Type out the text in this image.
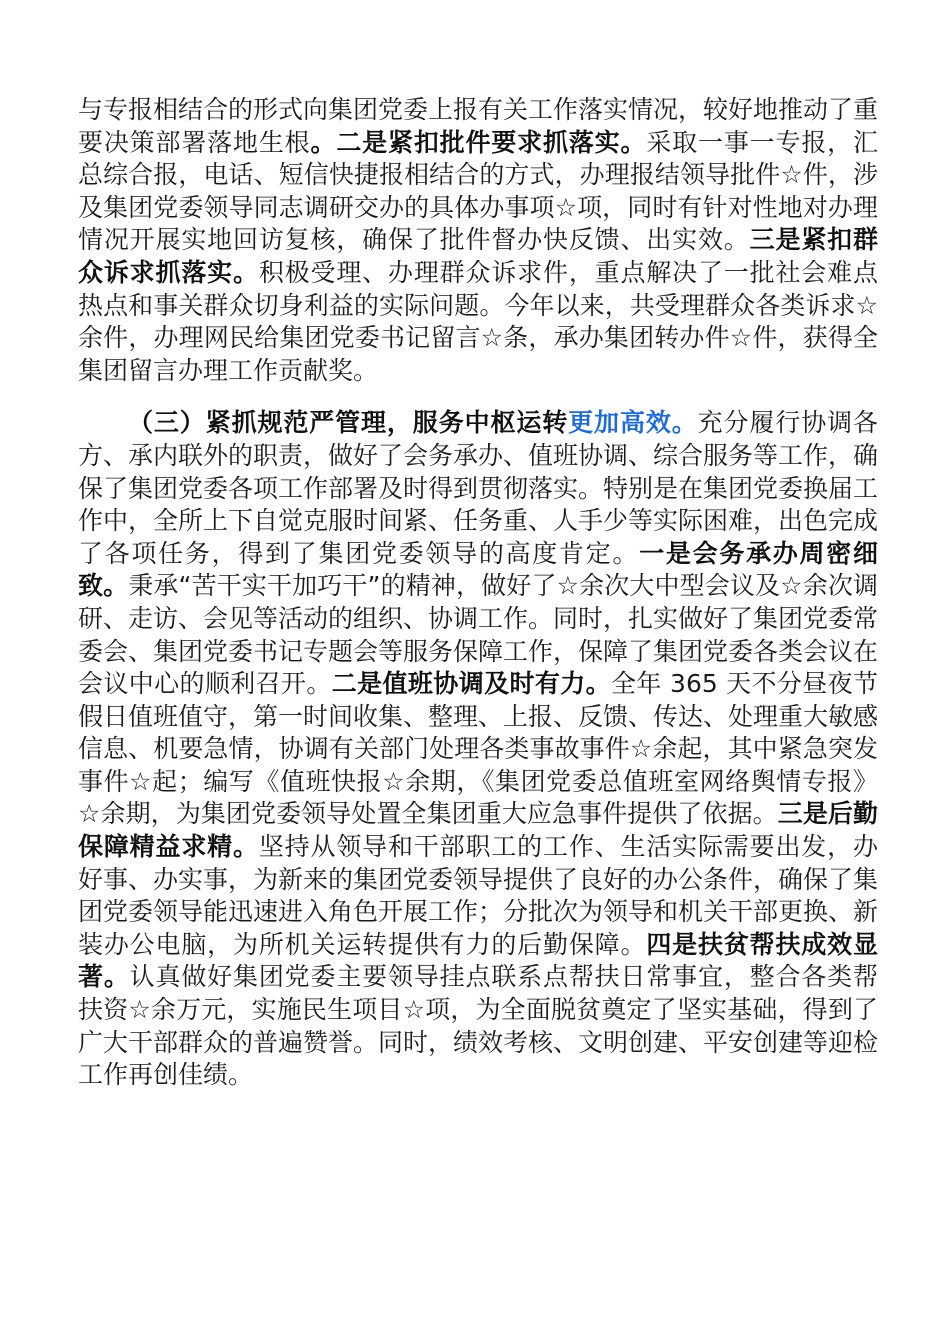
与专报相结合的形式向集团党委上报有关工作落实情况，较好地推动了重要决策部署落地生根。二是紧扣批件要求抓落实。采取一事一专报，汇总综合报，电话、短信快捷报相结合的方式，办理报结领导批件☆件，涉及集团党委领导同志调研交办的具体办事项☆项，同时有针对性地对办理情况开展实地回访复核，确保了批件督办快反馈、出实效。三是紧扣群众诉求抓落实。积极受理、办理群众诉求件，重点解决了一批社会难点热点和事关群众切身利益的实际问题。今年以来，共受理群众各类诉求☆余件，办理网民给集团党委书记留言☆条，承办集团转办件☆件，获得全集团留言办理工作贡献奖。

（三）紧抓规范严管理，服务中枢运转更加高效。充分履行协调各方、承内联外的职责，做好了会务承办、值班协调、综合服务等工作，确保了集团党委各项工作部署及时得到贯彻落实。特别是在集团党委换届工作中，全所上下自觉克服时间紧、任务重、人手少等实际困难，出色完成了各项任务，得到了集团党委领导的高度肯定。一是会务承办周密细致。秉承“苦干实干加巧干”的精神，做好了☆余次大中型会议及☆余次调研、走访、会见等活动的组织、协调工作。同时，扎实做好了集团党委常委会、集团党委书记专题会等服务保障工作，保障了集团党委各类会议在会议中心的顺利召开。二是值班协调及时有力。全年 365 天不分昼夜节假日值班值守，第一时间收集、整理、上报、反馈、传达、处理重大敏感信息、机要急情，协调有关部门处理各类事故事件☆余起，其中紧急突发事件☆起；编写《值班快报☆余期，《集团党委总值班室网络舆情专报》☆余期，为集团党委领导处置全集团重大应急事件提供了依据。三是后勤保障精益求精。坚持从领导和干部职工的工作、生活实际需要出发，办好事、办实事，为新来的集团党委领导提供了良好的办公条件，确保了集团党委领导能迅速进入角色开展工作；分批次为领导和机关干部更换、新装办公电脑，为所机关运转提供有力的后勤保障。四是扶贫帮扶成效显著。认真做好集团党委主要领导挂点联系点帮扶日常事宜，整合各类帮扶资☆余万元，实施民生项目☆项，为全面脱贫奠定了坚实基础，得到了广大干部群众的普遍赞誉。同时，绩效考核、文明创建、平安创建等迎检工作再创佳绩。
